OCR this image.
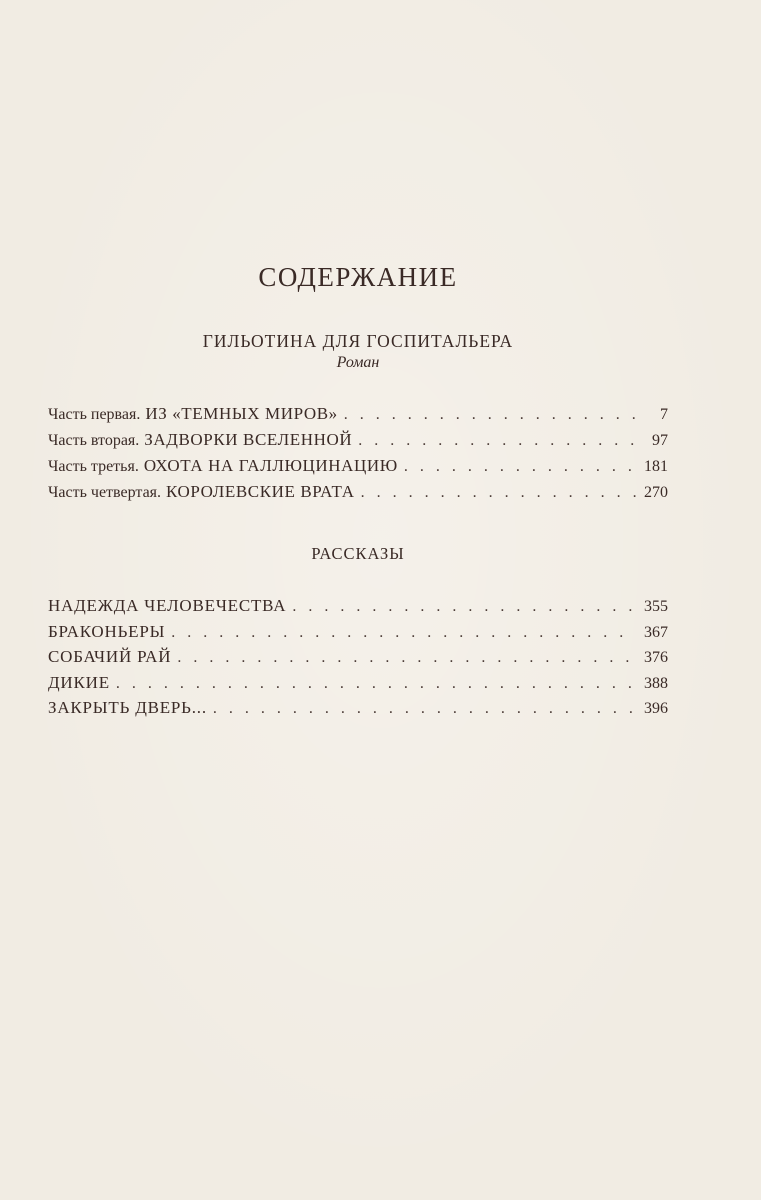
СОДЕРЖАНИЕ
ГИЛЬОТИНА ДЛЯ ГОСПИТАЛЬЕРА
Роман
Часть первая. ИЗ «ТЕМНЫХ МИРОВ» . . .	7
Часть вторая. ЗАДВОРКИ ВСЕЛЕННОЙ . . .	97
Часть третья. ОХОТА НА ГАЛЛЮЦИНАЦИЮ . . .	181
Часть четвертая. КОРОЛЕВСКИЕ ВРАТА . . .	270
РАССКАЗЫ
НАДЕЖДА ЧЕЛОВЕЧЕСТВА . . .	355
БРАКОНЬЕРЫ . . .	367
СОБАЧИЙ РАЙ . . .	376
ДИКИЕ . . .	388
ЗАКРЫТЬ ДВЕРЬ... . . .	396
